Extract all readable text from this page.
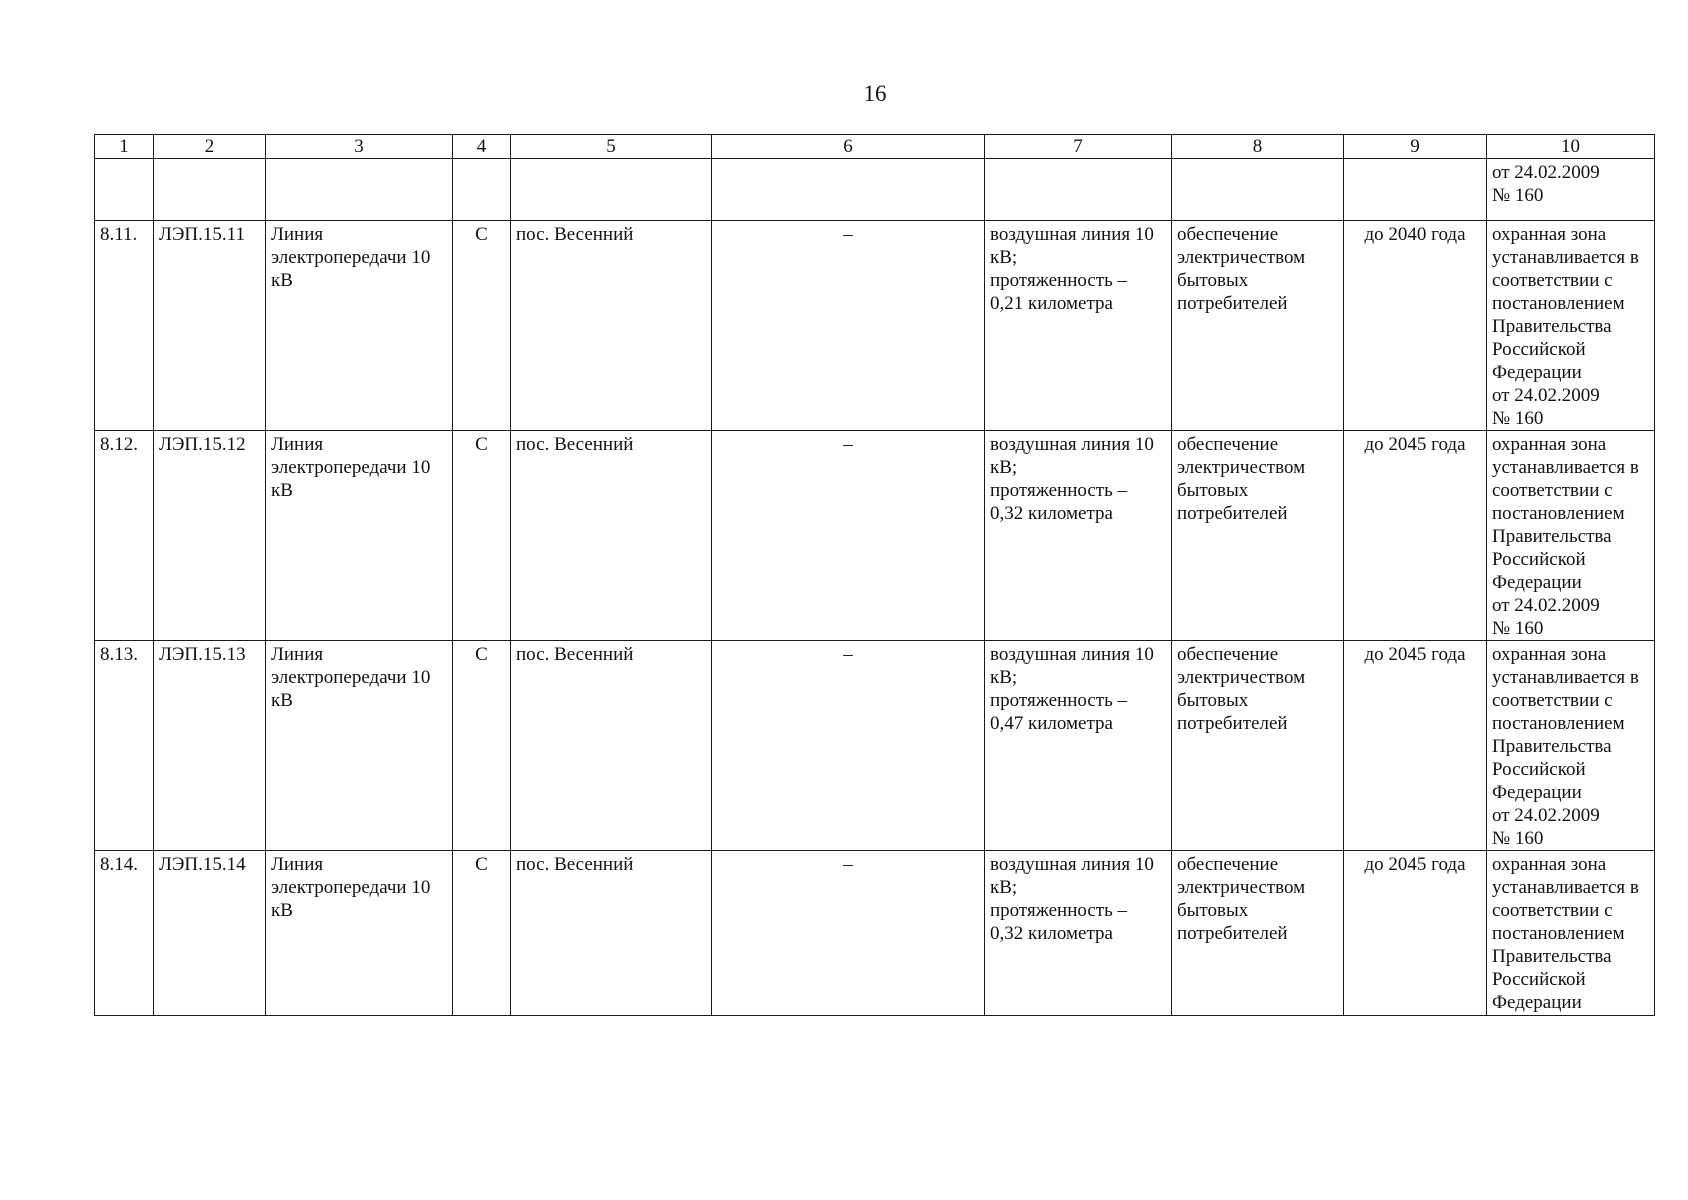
16
1	2	3	4	5	6	7	8	9	10
									от 24.02.2009
№ 160
8.11.	ЛЭП.15.11	Линия электропередачи 10 кВ	С	пос. Весенний	–	воздушная линия 10 кВ;
протяженность –
0,21 километра	обеспечение электричеством бытовых потребителей	до 2040 года	охранная зона устанавливается в соответствии с постановлением Правительства Российской Федерации
от 24.02.2009
№ 160
8.12.	ЛЭП.15.12	Линия электропередачи 10 кВ	С	пос. Весенний	–	воздушная линия 10 кВ;
протяженность –
0,32 километра	обеспечение электричеством бытовых потребителей	до 2045 года	охранная зона устанавливается в соответствии с постановлением Правительства Российской Федерации
от 24.02.2009
№ 160
8.13.	ЛЭП.15.13	Линия электропередачи 10 кВ	С	пос. Весенний	–	воздушная линия 10 кВ;
протяженность –
0,47 километра	обеспечение электричеством бытовых потребителей	до 2045 года	охранная зона устанавливается в соответствии с постановлением Правительства Российской Федерации
от 24.02.2009
№ 160
8.14.	ЛЭП.15.14	Линия электропередачи 10 кВ	С	пос. Весенний	–	воздушная линия 10 кВ;
протяженность –
0,32 километра	обеспечение электричеством бытовых потребителей	до 2045 года	охранная зона устанавливается в соответствии с постановлением Правительства Российской Федерации
